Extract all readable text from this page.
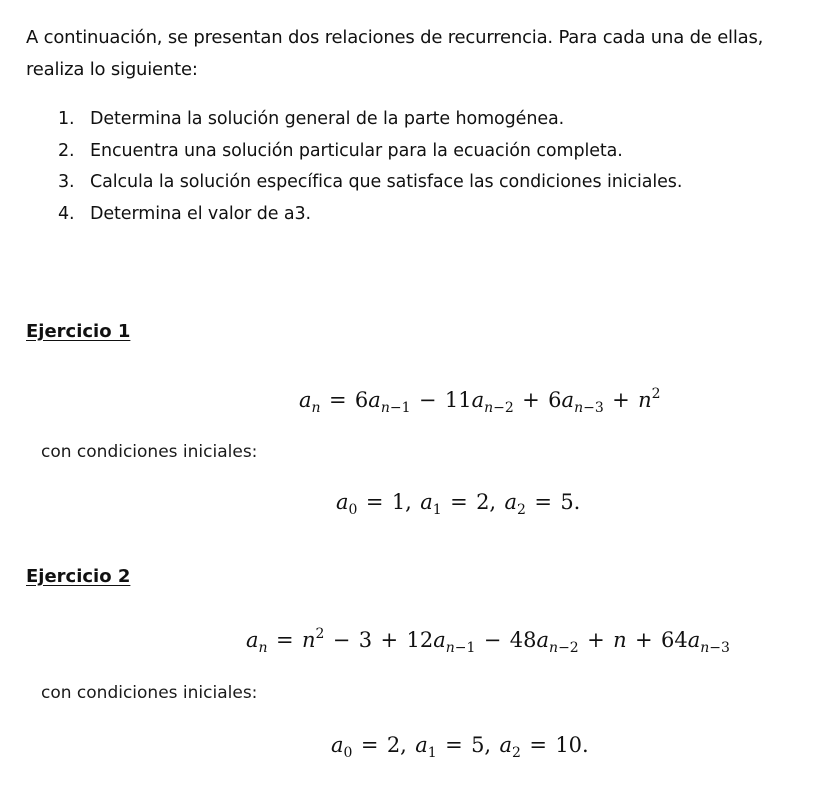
A continuación, se presentan dos relaciones de recurrencia. Para cada una de ellas, realiza lo siguiente:
1. Determina la solución general de la parte homogénea.
2. Encuentra una solución particular para la ecuación completa.
3. Calcula la solución específica que satisface las condiciones iniciales.
4. Determina el valor de a3.
Ejercicio 1
$a_n = 6a_{n-1} - 11a_{n-2} + 6a_{n-3} + n^2$
con condiciones iniciales:
$a_0 = 1$,  $a_1 = 2$,  $a_2 = 5$.
Ejercicio 2
$a_n = n^2 - 3 + 12a_{n-1} - 48a_{n-2} + n + 64a_{n-3}$
con condiciones iniciales:
$a_0 = 2$,  $a_1 = 5$,  $a_2 = 10$.
